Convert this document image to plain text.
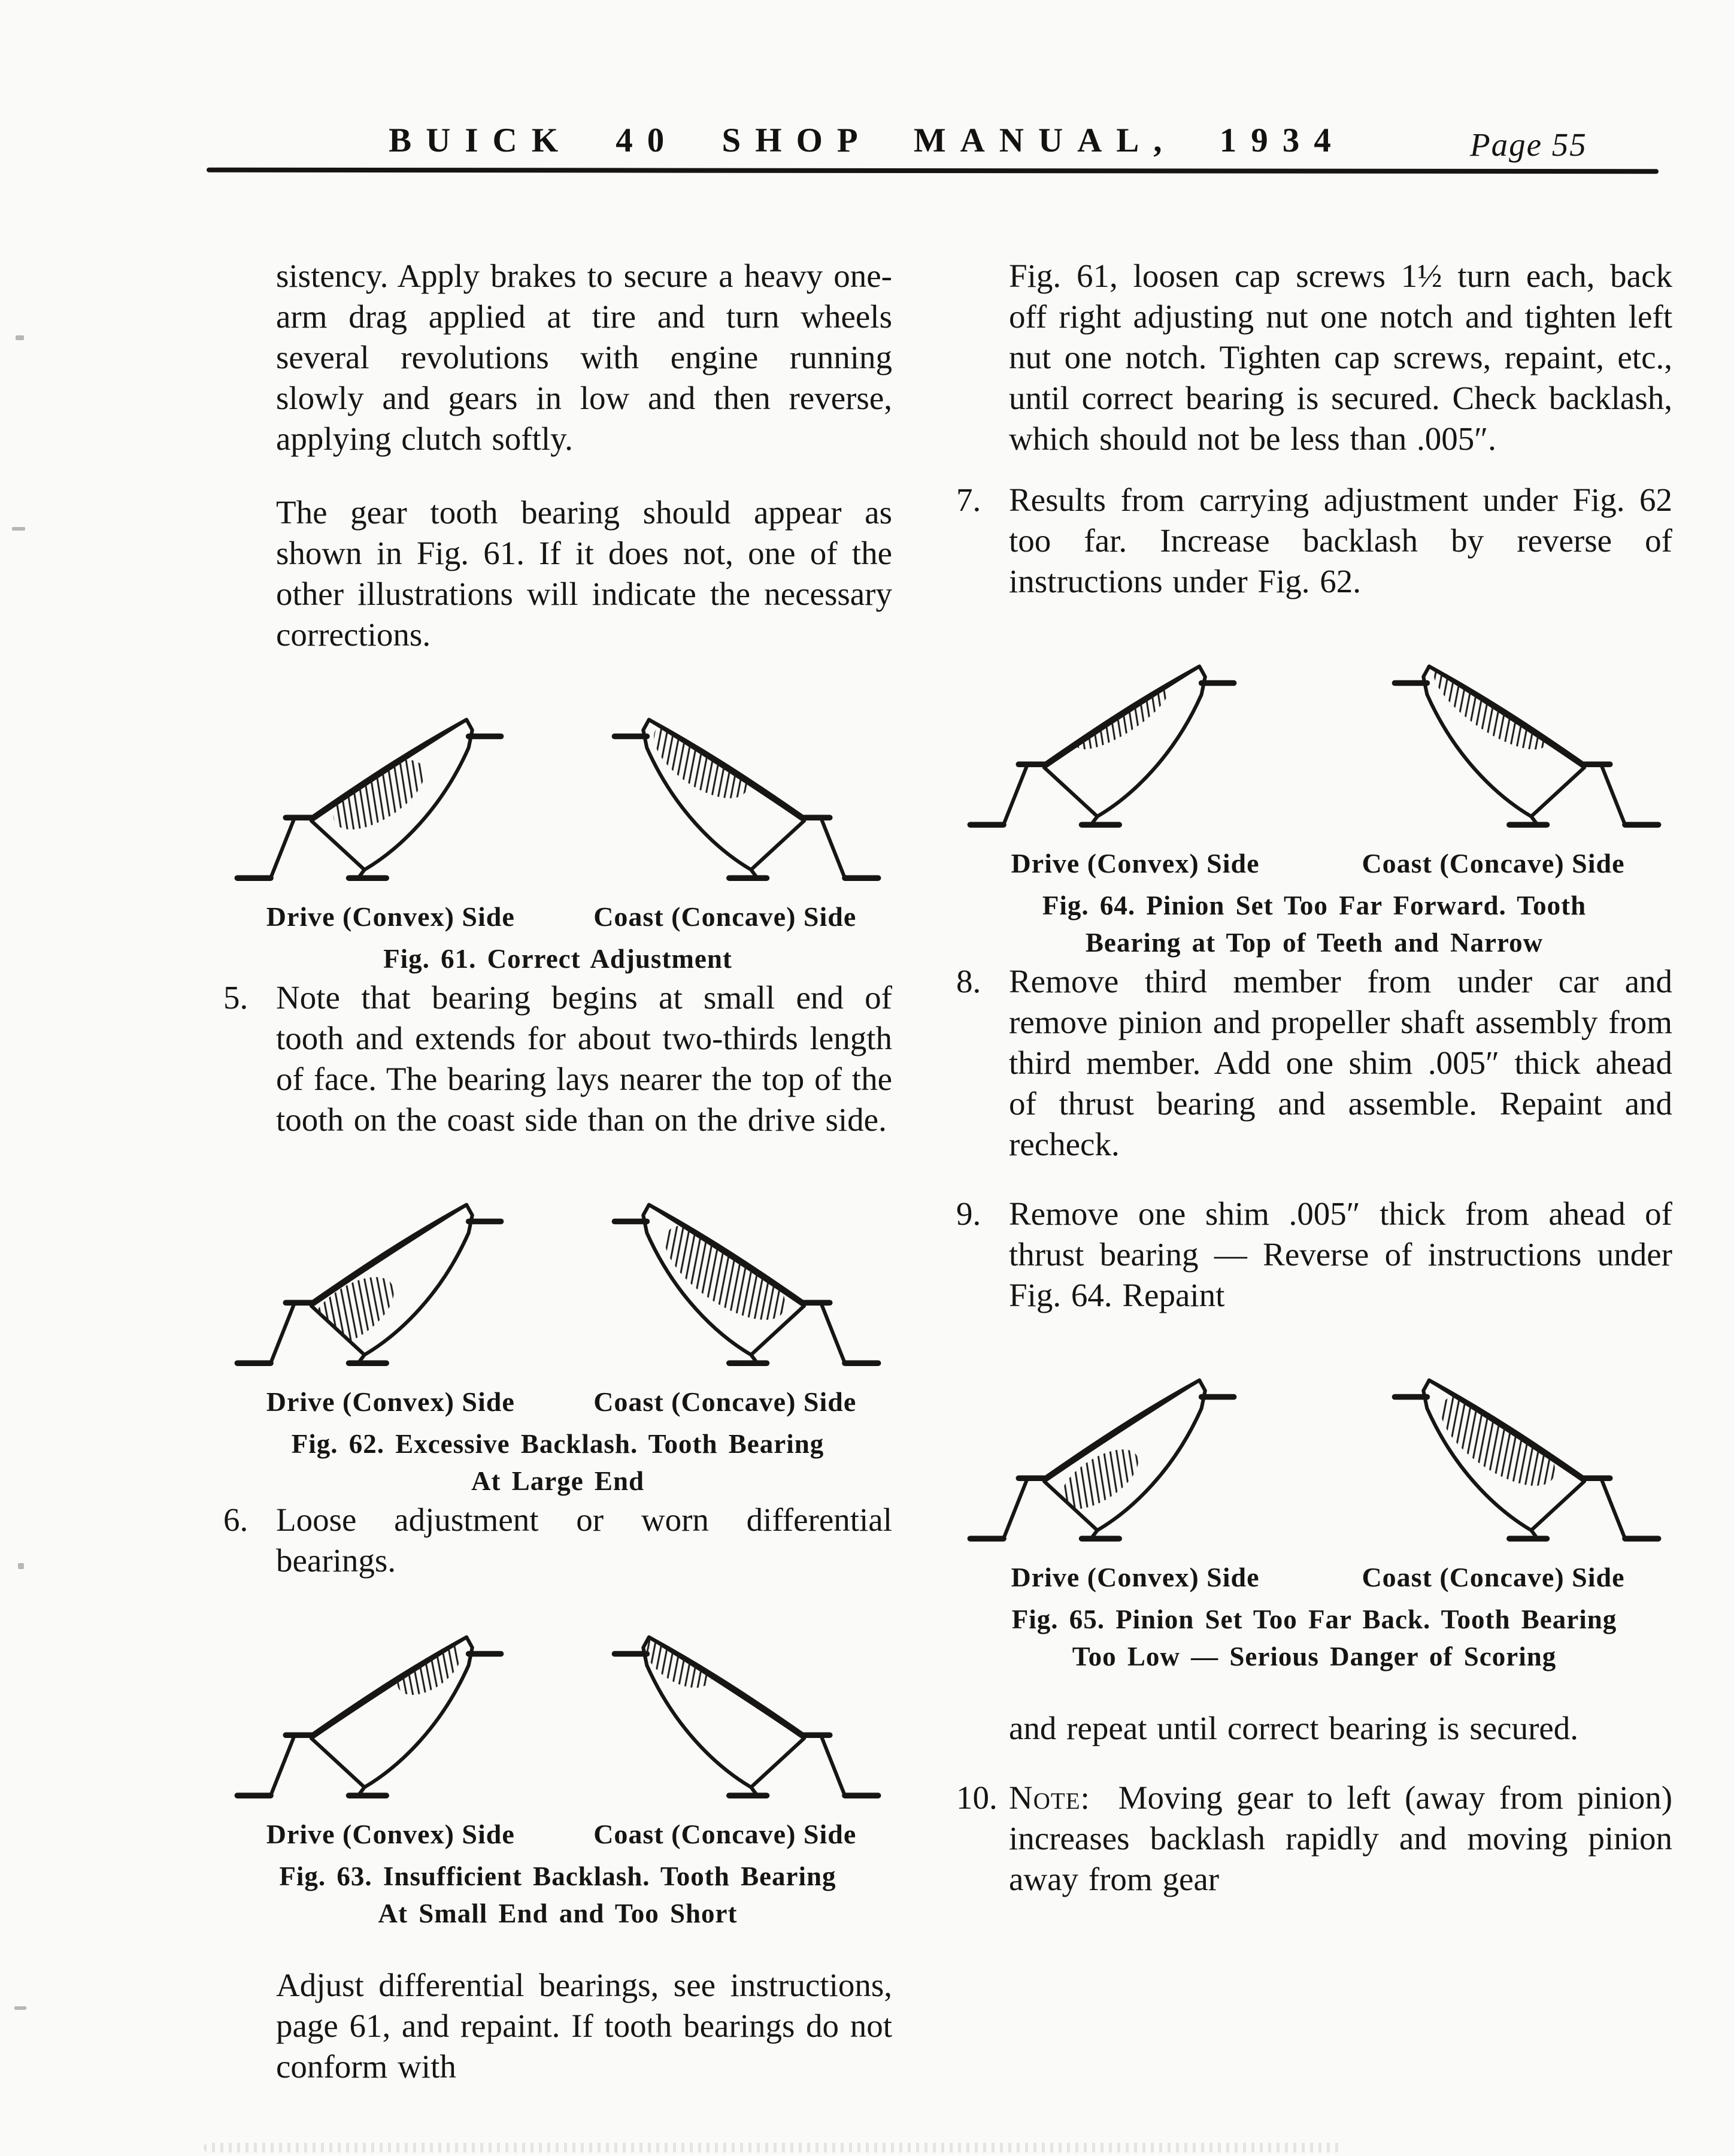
BUICK 40 SHOP MANUAL, 1934	Page 55

sistency. Apply brakes to secure a heavy one-arm drag applied at tire and turn wheels several revolutions with engine running slowly and gears in low and then reverse, applying clutch softly.

The gear tooth bearing should appear as shown in Fig. 61. If it does not, one of the other illustrations will indicate the necessary corrections.

Drive (Convex) Side	Coast (Concave) Side
Fig. 61. Correct Adjustment
5. Note that bearing begins at small end of tooth and extends for about two-thirds length of face. The bearing lays nearer the top of the tooth on the coast side than on the drive side.
Drive (Convex) Side	Coast (Concave) Side
Fig. 62. Excessive Backlash. Tooth Bearing
At Large End
6. Loose adjustment or worn differential bearings.
Drive (Convex) Side	Coast (Concave) Side
Fig. 63. Insufficient Backlash. Tooth Bearing
At Small End and Too Short

Adjust differential bearings, see instructions, page 61, and repaint. If tooth bearings do not conform with

Fig. 61, loosen cap screws 1½ turn each, back off right adjusting nut one notch and tighten left nut one notch. Tighten cap screws, repaint, etc., until correct bearing is secured. Check backlash, which should not be less than .005″.

7. Results from carrying adjustment under Fig. 62 too far. Increase backlash by reverse of instructions under Fig. 62.
Drive (Convex) Side	Coast (Concave) Side
Fig. 64. Pinion Set Too Far Forward. Tooth
Bearing at Top of Teeth and Narrow
8. Remove third member from under car and remove pinion and propeller shaft assembly from third member. Add one shim .005″ thick ahead of thrust bearing and assemble. Repaint and recheck.
9. Remove one shim .005″ thick from ahead of thrust bearing — Reverse of instructions under Fig. 64. Repaint
Drive (Convex) Side	Coast (Concave) Side
Fig. 65. Pinion Set Too Far Back. Tooth Bearing
Too Low — Serious Danger of Scoring

and repeat until correct bearing is secured.

10. Note: Moving gear to left (away from pinion) increases backlash rapidly and moving pinion away from gear
